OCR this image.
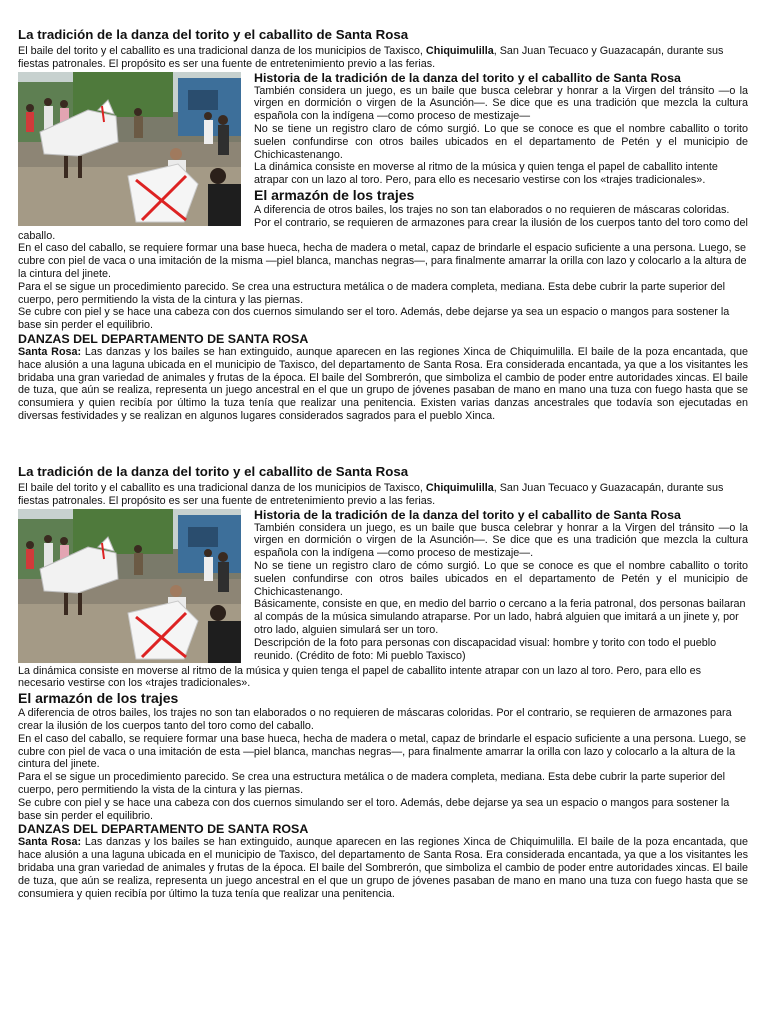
La tradición de la danza del torito y el caballito de Santa Rosa

El baile del torito y el caballito es una tradicional danza de los municipios de Taxisco, Chiquimulilla, San Juan Tecuaco y Guazacapán, durante sus fiestas patronales. El propósito es ser una fuente de entretenimiento previo a las ferias.

Historia de la tradición de la danza del torito y el caballito de Santa Rosa

También considera un juego, es un baile que busca celebrar y honrar a la Virgen del tránsito —o la virgen en dormición o virgen de la Asunción—. Se dice que es una tradición que mezcla la cultura española con la indígena —como proceso de mestizaje—

No se tiene un registro claro de cómo surgió. Lo que se conoce es que el nombre caballito o torito suelen confundirse con otros bailes ubicados en el departamento de Petén y el municipio de Chichicastenango.

La dinámica consiste en moverse al ritmo de la música y quien tenga el papel de caballito intente atrapar con un lazo al toro. Pero, para ello es necesario vestirse con los «trajes tradicionales».

El armazón de los trajes

A diferencia de otros bailes, los trajes no son tan elaborados o no requieren de máscaras coloridas. Por el contrario, se requieren de armazones para crear la ilusión de los cuerpos tanto del toro como del caballo.

En el caso del caballo, se requiere formar una base hueca, hecha de madera o metal, capaz de brindarle el espacio suficiente a una persona. Luego, se cubre con piel de vaca o una imitación de la misma —piel blanca, manchas negras—, para finalmente amarrar la orilla con lazo y colocarlo a la altura de la cintura del jinete.

Para el se sigue un procedimiento parecido. Se crea una estructura metálica o de madera completa, mediana. Esta debe cubrir la parte superior del cuerpo, pero permitiendo la vista de la cintura y las piernas.

Se cubre con piel y se hace una cabeza con dos cuernos simulando ser el toro. Además, debe dejarse ya sea un espacio o mangos para sostener la base sin perder el equilibrio.

DANZAS DEL DEPARTAMENTO DE SANTA ROSA

Santa Rosa: Las danzas y los bailes se han extinguido, aunque aparecen en las regiones Xinca de Chiquimulilla. El baile de la poza encantada, que hace alusión a una laguna ubicada en el municipio de Taxisco, del departamento de Santa Rosa. Era considerada encantada, ya que a los visitantes les bridaba una gran variedad de animales y frutas de la época. El baile del Sombrerón, que simboliza el cambio de poder entre autoridades xincas. El baile de tuza, que aún se realiza, representa un juego ancestral en el que un grupo de jóvenes pasaban de mano en mano una tuza con fuego hasta que se consumiera y quien recibía por último la tuza tenía que realizar una penitencia. Existen varias danzas ancestrales que todavía son ejecutadas en diversas festividades y se realizan en algunos lugares considerados sagrados para el pueblo Xinca.

La tradición de la danza del torito y el caballito de Santa Rosa

El baile del torito y el caballito es una tradicional danza de los municipios de Taxisco, Chiquimulilla, San Juan Tecuaco y Guazacapán, durante sus fiestas patronales. El propósito es ser una fuente de entretenimiento previo a las ferias.

Historia de la tradición de la danza del torito y el caballito de Santa Rosa

También considera un juego, es un baile que busca celebrar y honrar a la Virgen del tránsito —o la virgen en dormición o virgen de la Asunción—. Se dice que es una tradición que mezcla la cultura española con la indígena —como proceso de mestizaje—.

No se tiene un registro claro de cómo surgió. Lo que se conoce es que el nombre caballito o torito suelen confundirse con otros bailes ubicados en el departamento de Petén y el municipio de Chichicastenango.

Básicamente, consiste en que, en medio del barrio o cercano a la feria patronal, dos personas bailaran al compás de la música simulando atraparse. Por un lado, habrá alguien que imitará a un jinete y, por otro lado, alguien simulará ser un toro.

Descripción de la foto para personas con discapacidad visual: hombre y torito con todo el pueblo reunido. (Crédito de foto: Mi pueblo Taxisco)

La dinámica consiste en moverse al ritmo de la música y quien tenga el papel de caballito intente atrapar con un lazo al toro. Pero, para ello es necesario vestirse con los «trajes tradicionales».

El armazón de los trajes

A diferencia de otros bailes, los trajes no son tan elaborados o no requieren de máscaras coloridas. Por el contrario, se requieren de armazones para crear la ilusión de los cuerpos tanto del toro como del caballo.

En el caso del caballo, se requiere formar una base hueca, hecha de madera o metal, capaz de brindarle el espacio suficiente a una persona. Luego, se cubre con piel de vaca o una imitación de esta —piel blanca, manchas negras—, para finalmente amarrar la orilla con lazo y colocarlo a la altura de la cintura del jinete.

Para el se sigue un procedimiento parecido. Se crea una estructura metálica o de madera completa, mediana. Esta debe cubrir la parte superior del cuerpo, pero permitiendo la vista de la cintura y las piernas.

Se cubre con piel y se hace una cabeza con dos cuernos simulando ser el toro. Además, debe dejarse ya sea un espacio o mangos para sostener la base sin perder el equilibrio.

DANZAS DEL DEPARTAMENTO DE SANTA ROSA

Santa Rosa: Las danzas y los bailes se han extinguido, aunque aparecen en las regiones Xinca de Chiquimulilla. El baile de la poza encantada, que hace alusión a una laguna ubicada en el municipio de Taxisco, del departamento de Santa Rosa. Era considerada encantada, ya que a los visitantes les bridaba una gran variedad de animales y frutas de la época. El baile del Sombrerón, que simboliza el cambio de poder entre autoridades xincas. El baile de tuza, que aún se realiza, representa un juego ancestral en el que un grupo de jóvenes pasaban de mano en mano una tuza con fuego hasta que se consumiera y quien recibía por último la tuza tenía que realizar una penitencia.
